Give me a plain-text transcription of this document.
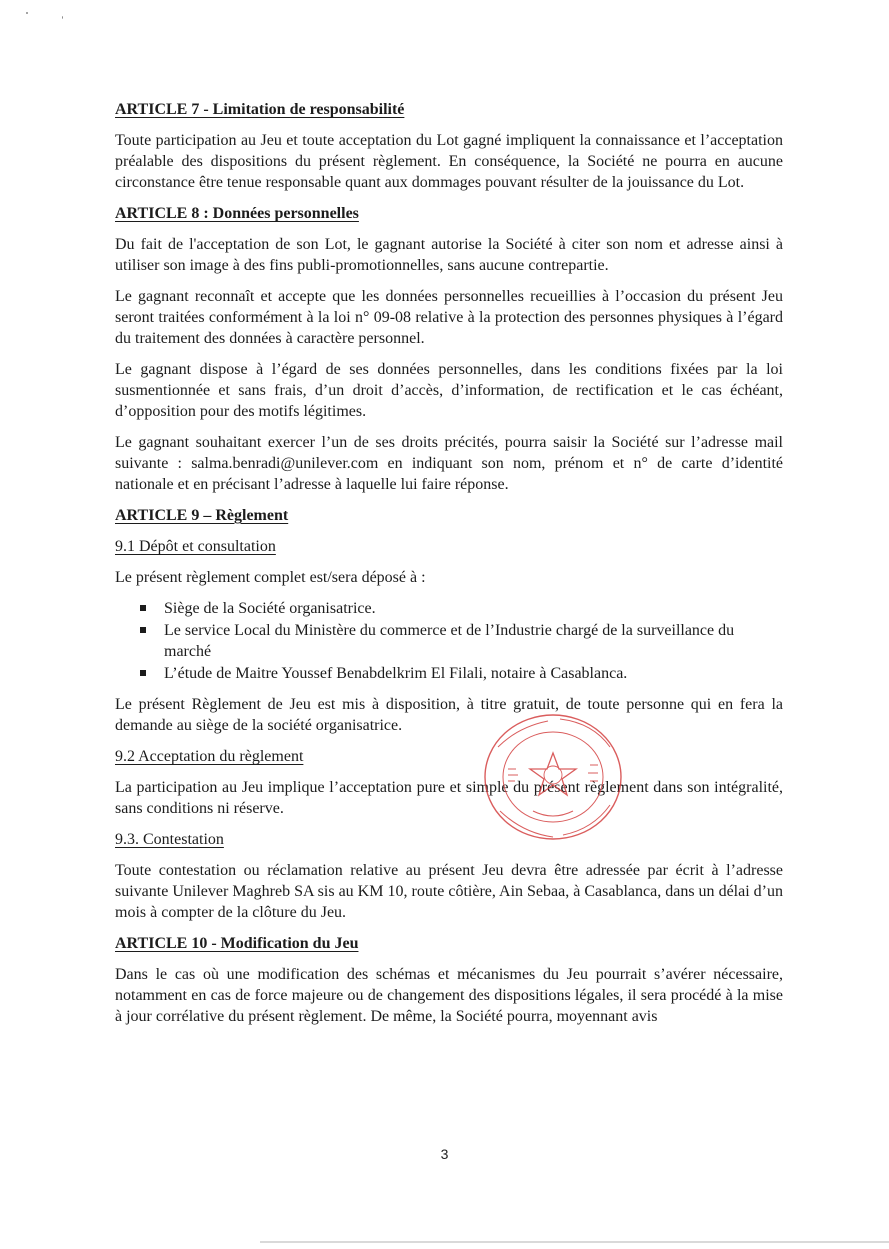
ARTICLE 7 - Limitation de responsabilité

Toute participation au Jeu et toute acceptation du Lot gagné impliquent la connaissance et l’acceptation préalable des dispositions du présent règlement. En conséquence, la Société ne pourra en aucune circonstance être tenue responsable quant aux dommages pouvant résulter de la jouissance du Lot.

ARTICLE 8 : Données personnelles

Du fait de l'acceptation de son Lot, le gagnant autorise la Société à citer son nom et adresse ainsi à utiliser son image à des fins publi-promotionnelles, sans aucune contrepartie.

Le gagnant reconnaît et accepte que les données personnelles recueillies à l’occasion du présent Jeu seront traitées conformément à la loi n° 09-08 relative à la protection des personnes physiques à l’égard du traitement des données à caractère personnel.

Le gagnant dispose à l’égard de ses données personnelles, dans les conditions fixées par la loi susmentionnée et sans frais, d’un droit d’accès, d’information, de rectification et le cas échéant, d’opposition pour des motifs légitimes.

Le gagnant souhaitant exercer l’un de ses droits précités, pourra saisir la Société sur l’adresse mail suivante : salma.benradi@unilever.com en indiquant son nom, prénom et n° de carte d’identité nationale et en précisant l’adresse à laquelle lui faire réponse.

ARTICLE 9 – Règlement
9.1 Dépôt et consultation

Le présent règlement complet est/sera déposé à :

Siège de la Société organisatrice.
Le service Local du Ministère du commerce et de l’Industrie chargé de la surveillance du marché
L’étude de Maitre Youssef Benabdelkrim El Filali, notaire à Casablanca.

Le présent Règlement de Jeu est mis à disposition, à titre gratuit, de toute personne qui en fera la demande au siège de la société organisatrice.

9.2 Acceptation du règlement

La participation au Jeu implique l’acceptation pure et simple du présent règlement dans son intégralité, sans conditions ni réserve.

9.3. Contestation

Toute contestation ou réclamation relative au présent Jeu devra être adressée par écrit à l’adresse suivante Unilever Maghreb SA sis au KM 10, route côtière, Ain Sebaa, à Casablanca, dans un délai d’un mois à compter de la clôture du Jeu.

ARTICLE 10 - Modification du Jeu

Dans le cas où une modification des schémas et mécanismes du Jeu pourrait s’avérer nécessaire, notamment en cas de force majeure ou de changement des dispositions légales, il sera procédé à la mise à jour corrélative du présent règlement. De même, la Société pourra, moyennant avis

3
